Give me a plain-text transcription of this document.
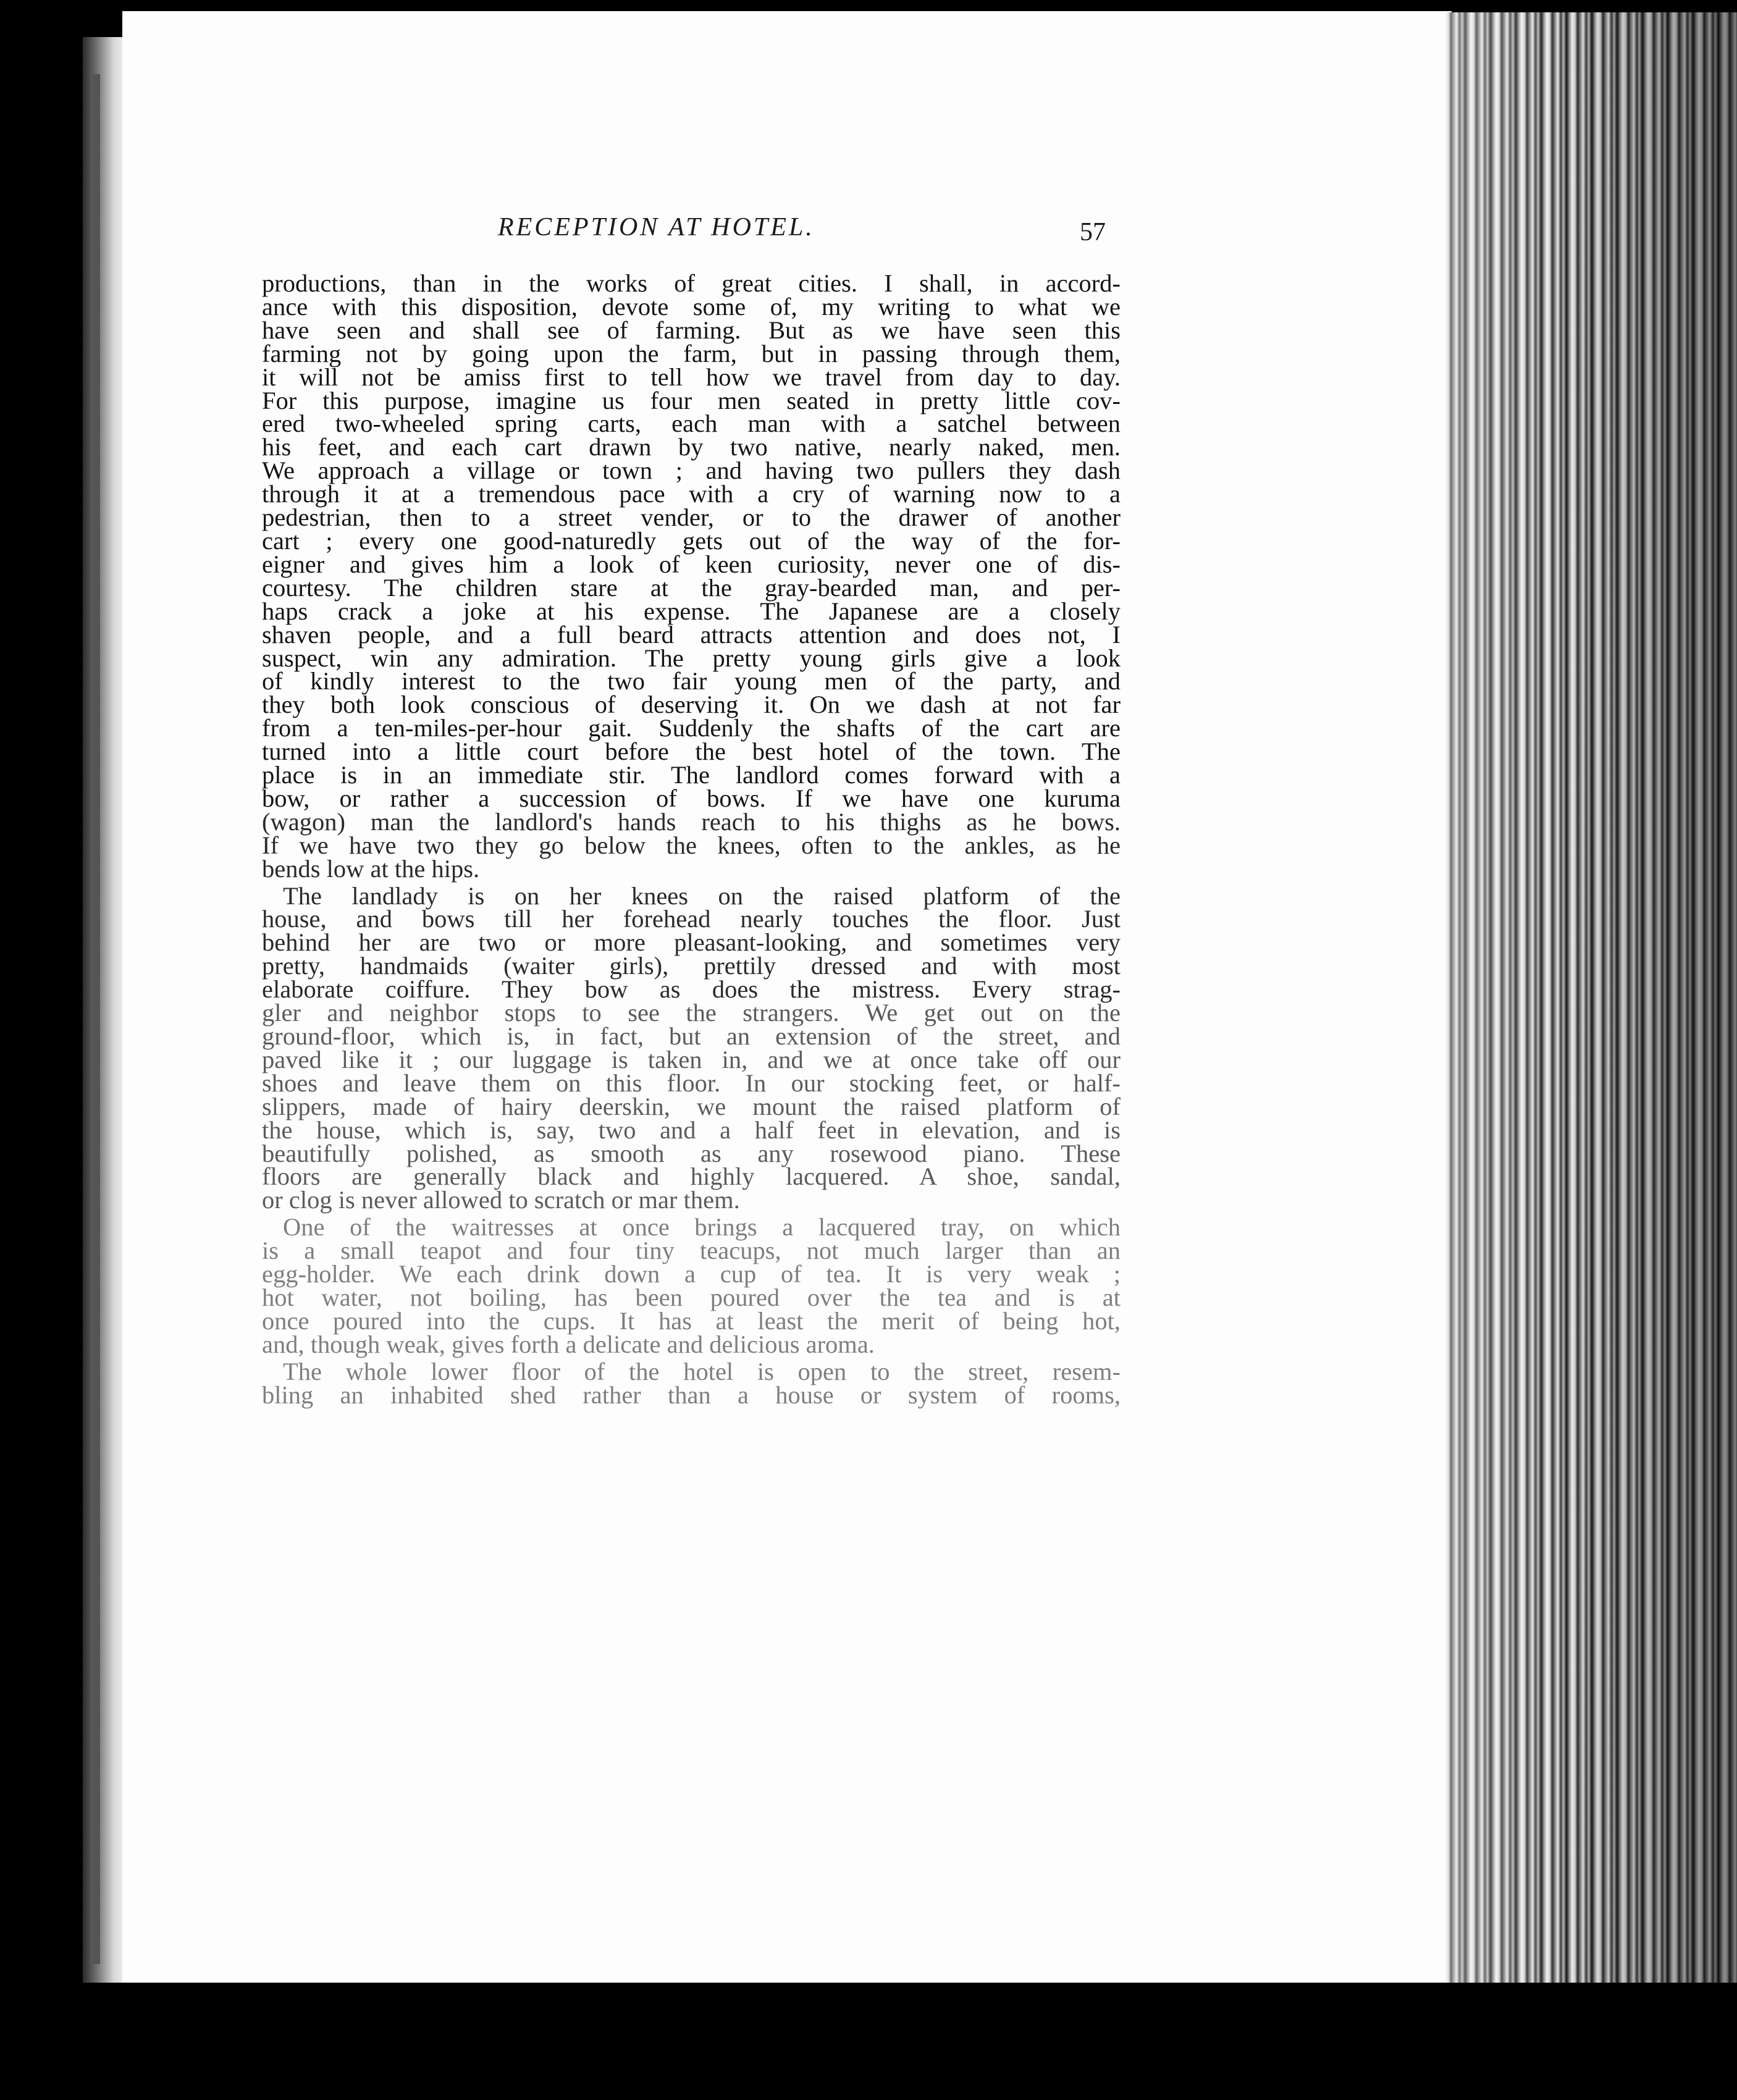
RECEPTION AT HOTEL.	57
productions, than in the works of great cities. I shall, in accord-
ance with this disposition, devote some of, my writing to what we
have seen and shall see of farming. But as we have seen this
farming not by going upon the farm, but in passing through them,
it will not be amiss first to tell how we travel from day to day.
For this purpose, imagine us four men seated in pretty little cov-
ered two-wheeled spring carts, each man with a satchel between
his feet, and each cart drawn by two native, nearly naked, men.
We approach a village or town ; and having two pullers they dash
through it at a tremendous pace with a cry of warning now to a
pedestrian, then to a street vender, or to the drawer of another
cart ; every one good-naturedly gets out of the way of the for-
eigner and gives him a look of keen curiosity, never one of dis-
courtesy. The children stare at the gray-bearded man, and per-
haps crack a joke at his expense. The Japanese are a closely
shaven people, and a full beard attracts attention and does not, I
suspect, win any admiration. The pretty young girls give a look
of kindly interest to the two fair young men of the party, and
they both look conscious of deserving it. On we dash at not far
from a ten-miles-per-hour gait. Suddenly the shafts of the cart are
turned into a little court before the best hotel of the town. The
place is in an immediate stir. The landlord comes forward with a
bow, or rather a succession of bows. If we have one kuruma
(wagon) man the landlord's hands reach to his thighs as he bows.
If we have two they go below the knees, often to the ankles, as he
bends low at the hips.
The landlady is on her knees on the raised platform of the
house, and bows till her forehead nearly touches the floor. Just
behind her are two or more pleasant-looking, and sometimes very
pretty, handmaids (waiter girls), prettily dressed and with most
elaborate coiffure. They bow as does the mistress. Every strag-
gler and neighbor stops to see the strangers. We get out on the
ground-floor, which is, in fact, but an extension of the street, and
paved like it ; our luggage is taken in, and we at once take off our
shoes and leave them on this floor. In our stocking feet, or half-
slippers, made of hairy deerskin, we mount the raised platform of
the house, which is, say, two and a half feet in elevation, and is
beautifully polished, as smooth as any rosewood piano. These
floors are generally black and highly lacquered. A shoe, sandal,
or clog is never allowed to scratch or mar them.
One of the waitresses at once brings a lacquered tray, on which
is a small teapot and four tiny teacups, not much larger than an
egg-holder. We each drink down a cup of tea. It is very weak ;
hot water, not boiling, has been poured over the tea and is at
once poured into the cups. It has at least the merit of being hot,
and, though weak, gives forth a delicate and delicious aroma.
The whole lower floor of the hotel is open to the street, resem-
bling an inhabited shed rather than a house or system of rooms,
